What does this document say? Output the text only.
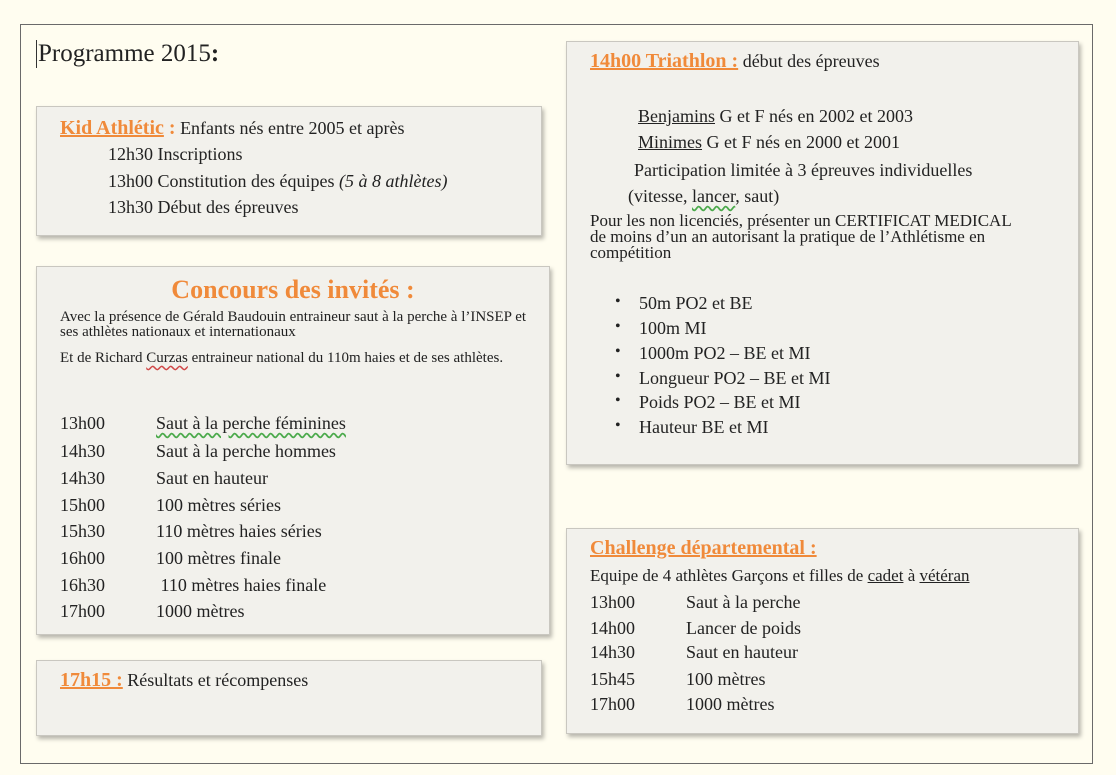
Programme 2015:
Kid Athlétic : Enfants nés entre 2005 et après
12h30 Inscriptions
13h00 Constitution des équipes (5 à 8 athlètes)
13h30 Début des épreuves
Concours des invités :
Avec la présence de Gérald Baudouin entraineur saut à la perche à l’INSEP et ses athlètes nationaux et internationaux
Et de Richard Curzas entraineur national du 110m haies et de ses athlètes.
13h00	Saut à la perche féminines
14h30	Saut à la perche hommes
14h30	Saut en hauteur
15h00	100 mètres séries
15h30	110 mètres haies séries
16h00	100 mètres finale
16h30	110 mètres haies finale
17h00	1000 mètres
17h15 : Résultats et récompenses
14h00 Triathlon : début des épreuves
Benjamins G et F nés en 2002 et 2003
Minimes G et F nés en 2000 et 2001
Participation limitée à 3 épreuves individuelles
(vitesse, lancer, saut)
Pour les non licenciés, présenter un CERTIFICAT MEDICAL de moins d’un an autorisant la pratique de l’Athlétisme en compétition
• 50m PO2 et BE
• 100m MI
• 1000m PO2 – BE et MI
• Longueur PO2 – BE et MI
• Poids PO2 – BE et MI
• Hauteur BE et MI
Challenge départemental :
Equipe de 4 athlètes Garçons et filles de cadet à vétéran
13h00	Saut à la perche
14h00	Lancer de poids
14h30	Saut en hauteur
15h45	100 mètres
17h00	1000 mètres
